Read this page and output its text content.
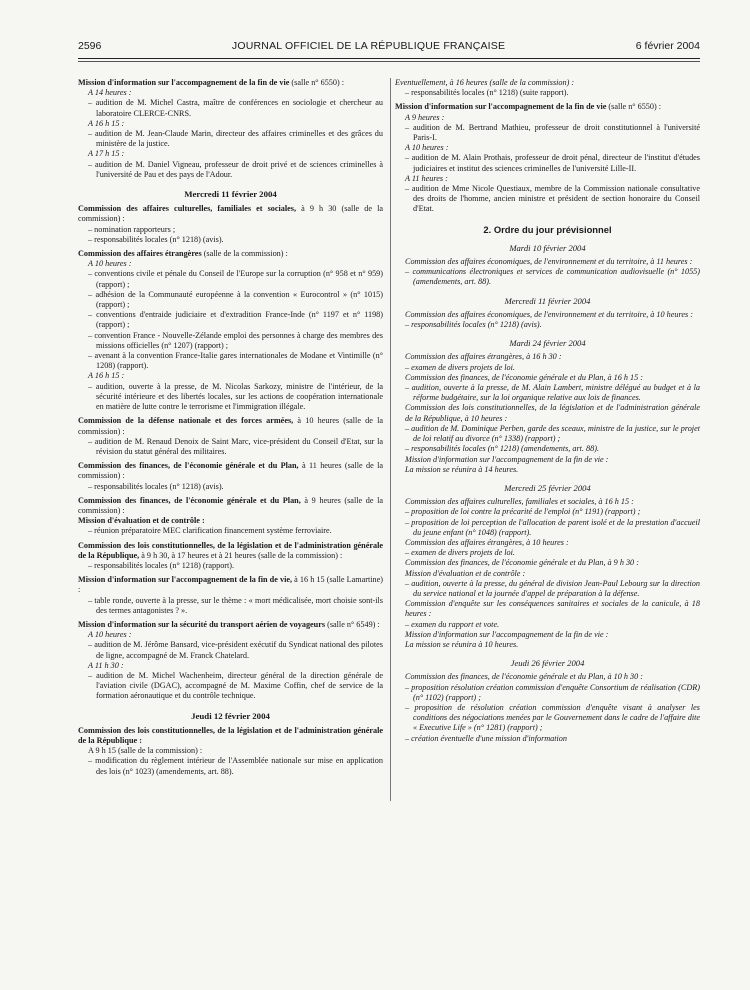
2596	JOURNAL OFFICIEL DE LA RÉPUBLIQUE FRANÇAISE	6 février 2004

Mission d'information sur l'accompagnement de la fin de vie (salle n° 6550) :

A 14 heures :

– audition de M. Michel Castra, maître de conférences en sociologie et chercheur au laboratoire CLERCE-CNRS.

A 16 h 15 :

– audition de M. Jean-Claude Marin, directeur des affaires criminelles et des grâces du ministère de la justice.

A 17 h 15 :

– audition de M. Daniel Vigneau, professeur de droit privé et de sciences criminelles à l'université de Pau et des pays de l'Adour.

Mercredi 11 février 2004

Commission des affaires culturelles, familiales et sociales, à 9 h 30 (salle de la commission) :

– nomination rapporteurs ;

– responsabilités locales (n° 1218) (avis).

Commission des affaires étrangères (salle de la commission) :

A 10 heures :

– conventions civile et pénale du Conseil de l'Europe sur la corruption (n° 958 et n° 959) (rapport) ;

– adhésion de la Communauté européenne à la convention « Eurocontrol » (n° 1015) (rapport) ;

– conventions d'entraide judiciaire et d'extradition France-Inde (n° 1197 et n° 1198) (rapport) ;

– convention France - Nouvelle-Zélande emploi des personnes à charge des membres des missions officielles (n° 1207) (rapport) ;

– avenant à la convention France-Italie gares internationales de Modane et Vintimille (n° 1208) (rapport).

A 16 h 15 :

– audition, ouverte à la presse, de M. Nicolas Sarkozy, ministre de l'intérieur, de la sécurité intérieure et des libertés locales, sur les actions de coopération internationale en matière de lutte contre le terrorisme et l'immigration illégale.

Commission de la défense nationale et des forces armées, à 10 heures (salle de la commission) :

– audition de M. Renaud Denoix de Saint Marc, vice-président du Conseil d'Etat, sur la révision du statut général des militaires.

Commission des finances, de l'économie générale et du Plan, à 11 heures (salle de la commission) :

– responsabilités locales (n° 1218) (avis).

Commission des finances, de l'économie générale et du Plan, à 9 heures (salle de la commission) :

Mission d'évaluation et de contrôle :

– réunion préparatoire MEC clarification financement système ferroviaire.

Commission des lois constitutionnelles, de la législation et de l'administration générale de la République, à 9 h 30, à 17 heures et à 21 heures (salle de la commission) :

– responsabilités locales (n° 1218) (rapport).

Mission d'information sur l'accompagnement de la fin de vie, à 16 h 15 (salle Lamartine) :

– table ronde, ouverte à la presse, sur le thème : « mort médicalisée, mort choisie sont-ils des termes antagonistes ? ».

Mission d'information sur la sécurité du transport aérien de voyageurs (salle n° 6549) :

A 10 heures :

– audition de M. Jérôme Bansard, vice-président exécutif du Syndicat national des pilotes de ligne, accompagné de M. Franck Chatelard.

A 11 h 30 :

– audition de M. Michel Wachenheim, directeur général de la direction générale de l'aviation civile (DGAC), accompagné de M. Maxime Coffin, chef de service de la formation aéronautique et du contrôle technique.

Jeudi 12 février 2004

Commission des lois constitutionnelles, de la législation et de l'administration générale de la République :

A 9 h 15 (salle de la commission) :

– modification du règlement intérieur de l'Assemblée nationale sur mise en application des lois (n° 1023) (amendements, art. 88).

Eventuellement, à 16 heures (salle de la commission) :

– responsabilités locales (n° 1218) (suite rapport).

Mission d'information sur l'accompagnement de la fin de vie (salle n° 6550) :

A 9 heures :

– audition de M. Bertrand Mathieu, professeur de droit constitutionnel à l'université Paris-I.

A 10 heures :

– audition de M. Alain Prothais, professeur de droit pénal, directeur de l'institut d'études judiciaires et institut des sciences criminelles de l'université Lille-II.

A 11 heures :

– audition de Mme Nicole Questiaux, membre de la Commission nationale consultative des droits de l'homme, ancien ministre et président de section honoraire du Conseil d'Etat.

2. Ordre du jour prévisionnel
Mardi 10 février 2004

Commission des affaires économiques, de l'environnement et du territoire, à 11 heures :

– communications électroniques et services de communication audiovisuelle (n° 1055) (amendements, art. 88).

Mercredi 11 février 2004

Commission des affaires économiques, de l'environnement et du territoire, à 10 heures :

– responsabilités locales (n° 1218) (avis).

Mardi 24 février 2004

Commission des affaires étrangères, à 16 h 30 :

– examen de divers projets de loi.

Commission des finances, de l'économie générale et du Plan, à 16 h 15 :

– audition, ouverte à la presse, de M. Alain Lambert, ministre délégué au budget et à la réforme budgétaire, sur la loi organique relative aux lois de finances.

Commission des lois constitutionnelles, de la législation et de l'administration générale de la République, à 10 heures :

– audition de M. Dominique Perben, garde des sceaux, ministre de la justice, sur le projet de loi relatif au divorce (n° 1338) (rapport) ;

– responsabilités locales (n° 1218) (amendements, art. 88).

Mission d'information sur l'accompagnement de la fin de vie :

La mission se réunira à 14 heures.

Mercredi 25 février 2004

Commission des affaires culturelles, familiales et sociales, à 16 h 15 :

– proposition de loi contre la précarité de l'emploi (n° 1191) (rapport) ;

– proposition de loi perception de l'allocation de parent isolé et de la prestation d'accueil du jeune enfant (n° 1048) (rapport).

Commission des affaires étrangères, à 10 heures :

– examen de divers projets de loi.

Commission des finances, de l'économie générale et du Plan, à 9 h 30 :

Mission d'évaluation et de contrôle :

– audition, ouverte à la presse, du général de division Jean-Paul Lebourg sur la direction du service national et la journée d'appel de préparation à la défense.

Commission d'enquête sur les conséquences sanitaires et sociales de la canicule, à 18 heures :

– examen du rapport et vote.

Mission d'information sur l'accompagnement de la fin de vie :

La mission se réunira à 10 heures.

Jeudi 26 février 2004

Commission des finances, de l'économie générale et du Plan, à 10 h 30 :

– proposition résolution création commission d'enquête Consortium de réalisation (CDR) (n° 1102) (rapport) ;

– proposition de résolution création commission d'enquête visant à analyser les conditions des négociations menées par le Gouvernement dans le cadre de l'affaire dite « Executive Life » (n° 1281) (rapport) ;

– création éventuelle d'une mission d'information
